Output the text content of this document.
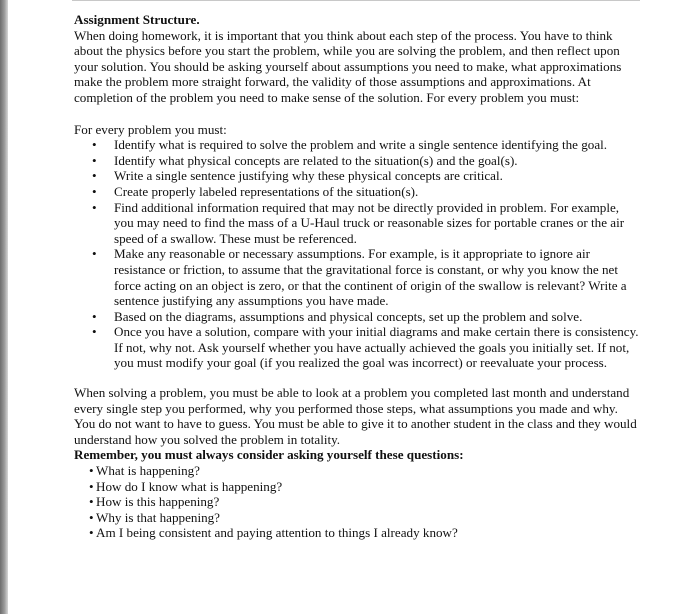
Assignment Structure.

When doing homework, it is important that you think about each step of the process. You have to think about the physics before you start the problem, while you are solving the problem, and then reflect upon your solution. You should be asking yourself about assumptions you need to make, what approximations make the problem more straight forward, the validity of those assumptions and approximations. At completion of the problem you need to make sense of the solution. For every problem you must:

For every problem you must:

•	Identify what is required to solve the problem and write a single sentence identifying the goal.
•	Identify what physical concepts are related to the situation(s) and the goal(s).
•	Write a single sentence justifying why these physical concepts are critical.
•	Create properly labeled representations of the situation(s).
•	Find additional information required that may not be directly provided in problem. For example, you may need to find the mass of a U-Haul truck or reasonable sizes for portable cranes or the air speed of a swallow. These must be referenced.
•	Make any reasonable or necessary assumptions. For example, is it appropriate to ignore air resistance or friction, to assume that the gravitational force is constant, or why you know the net force acting on an object is zero, or that the continent of origin of the swallow is relevant? Write a sentence justifying any assumptions you have made.
•	Based on the diagrams, assumptions and physical concepts, set up the problem and solve.
•	Once you have a solution, compare with your initial diagrams and make certain there is consistency. If not, why not. Ask yourself whether you have actually achieved the goals you initially set. If not, you must modify your goal (if you realized the goal was incorrect) or reevaluate your process.

When solving a problem, you must be able to look at a problem you completed last month and understand every single step you performed, why you performed those steps, what assumptions you made and why. You do not want to have to guess. You must be able to give it to another student in the class and they would understand how you solved the problem in totality.

Remember, you must always consider asking yourself these questions:

• What is happening?
• How do I know what is happening?
• How is this happening?
• Why is that happening?
• Am I being consistent and paying attention to things I already know?
